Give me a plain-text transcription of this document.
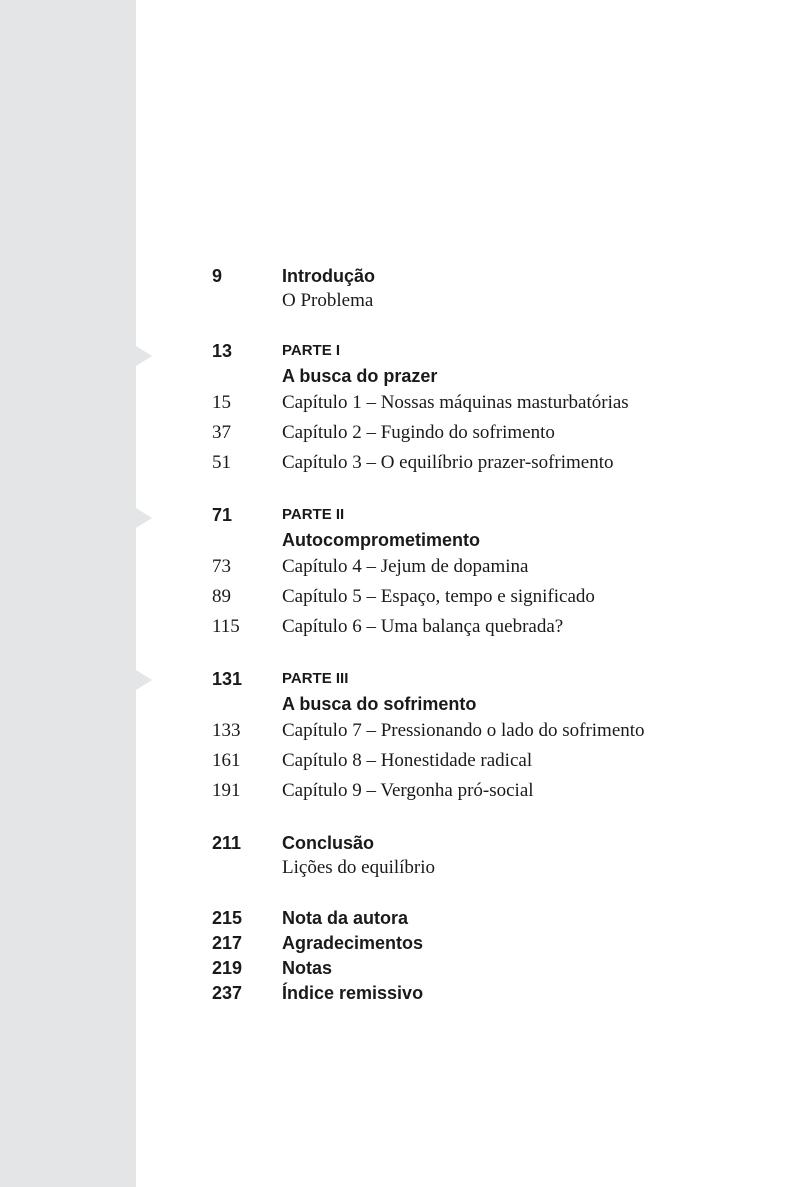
9	Introdução
O Problema
13	PARTE I
A busca do prazer
15	Capítulo 1 – Nossas máquinas masturbatórias
37	Capítulo 2 – Fugindo do sofrimento
51	Capítulo 3 – O equilíbrio prazer-sofrimento
71	PARTE II
Autocomprometimento
73	Capítulo 4 – Jejum de dopamina
89	Capítulo 5 – Espaço, tempo e significado
115	Capítulo 6 – Uma balança quebrada?
131	PARTE III
A busca do sofrimento
133	Capítulo 7 – Pressionando o lado do sofrimento
161	Capítulo 8 – Honestidade radical
191	Capítulo 9 – Vergonha pró-social
211	Conclusão
Lições do equilíbrio
215	Nota da autora
217	Agradecimentos
219	Notas
237	Índice remissivo
